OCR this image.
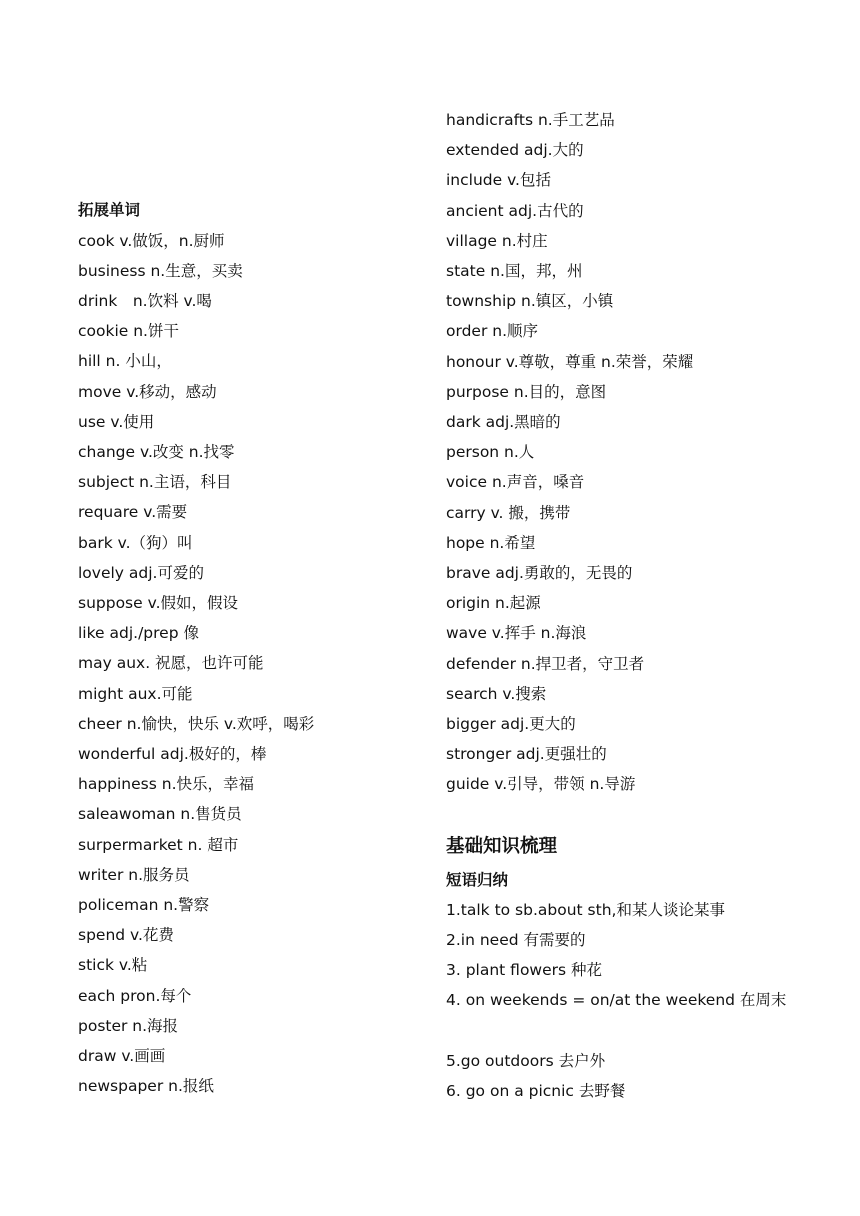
拓展单词
cook v.做饭，n.厨师
business n.生意，买卖
drink　n.饮料 v.喝
cookie n.饼干
hill n. 小山，
move v.移动，感动
use v.使用
change v.改变 n.找零
subject n.主语，科目
requare v.需要
bark v.（狗）叫
lovely adj.可爱的
suppose v.假如，假设
like adj./prep 像
may aux. 祝愿，也许可能
might aux.可能
cheer n.愉快，快乐 v.欢呼，喝彩
wonderful adj.极好的，棒
happiness n.快乐，幸福
saleawoman n.售货员
surpermarket n. 超市
writer n.服务员
policeman n.警察
spend v.花费
stick v.粘
each pron.每个
poster n.海报
draw v.画画
newspaper n.报纸
handicrafts n.手工艺品
extended adj.大的
include v.包括
ancient adj.古代的
village n.村庄
state n.国，邦，州
township n.镇区，小镇
order n.顺序
honour v.尊敬，尊重 n.荣誉，荣耀
purpose n.目的，意图
dark adj.黑暗的
person n.人
voice n.声音，嗓音
carry v. 搬，携带
hope n.希望
brave adj.勇敢的，无畏的
origin n.起源
wave v.挥手 n.海浪
defender n.捍卫者，守卫者
search v.搜索
bigger adj.更大的
stronger adj.更强壮的
guide v.引导，带领 n.导游
基础知识梳理
短语归纳
1.talk to sb.about sth,和某人谈论某事
2.in need 有需要的
3. plant flowers 种花
4. on weekends = on/at the weekend 在周末
5.go outdoors 去户外
6. go on a picnic 去野餐
